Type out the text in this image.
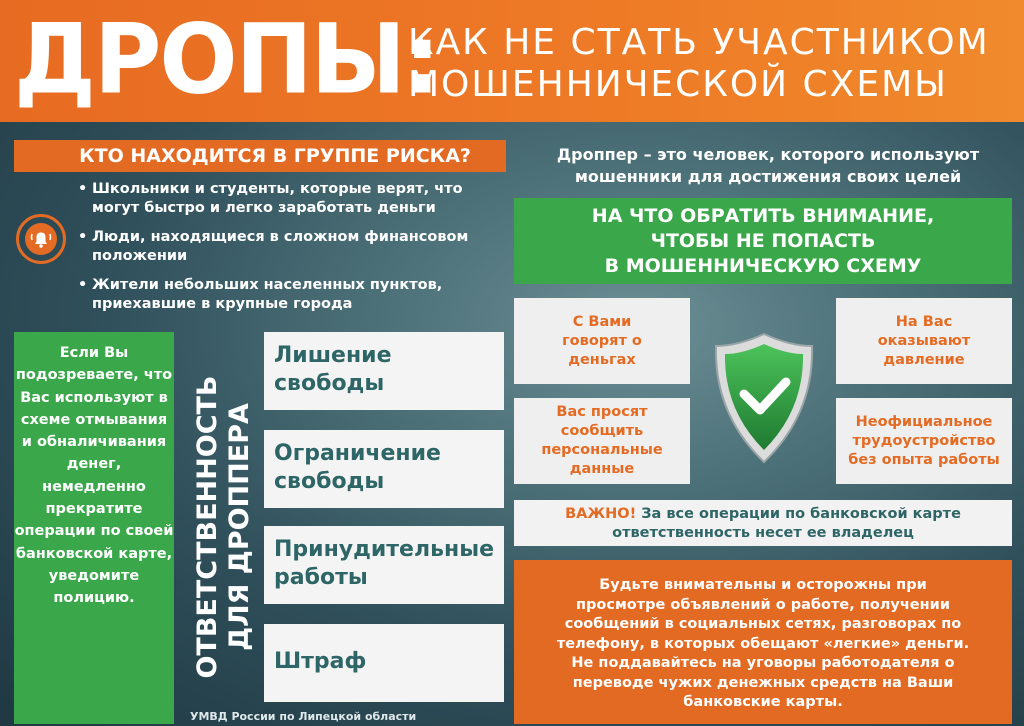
ДРОПЫ:
КАК НЕ СТАТЬ УЧАСТНИКОМ
МОШЕННИЧЕСКОЙ СХЕМЫ
КТО НАХОДИТСЯ В ГРУППЕ РИСКА?
• Школьники и студенты, которые верят, что могут быстро и легко заработать деньги
• Люди, находящиеся в сложном финансовом положении
• Жители небольших населенных пунктов, приехавшие в крупные города
Дроппер – это человек, которого используют мошенники для достижения своих целей
НА ЧТО ОБРАТИТЬ ВНИМАНИЕ,
ЧТОБЫ НЕ ПОПАСТЬ
В МОШЕННИЧЕСКУЮ СХЕМУ
Если Вы подозреваете, что Вас используют в схеме отмывания и обналичивания денег, немедленно прекратите операции по своей банковской карте, уведомите полицию.	ОТВЕТСТВЕННОСТЬ ДЛЯ ДРОППЕРА
Лишение свободы
Ограничение свободы
Принудительные работы
Штраф
С Вами говорят о деньгах
На Вас оказывают давление
Вас просят сообщить персональные данные
Неофициальное трудоустройство без опыта работы
ВАЖНО! За все операции по банковской карте ответственность несет ее владелец
Будьте внимательны и осторожны при просмотре объявлений о работе, получении сообщений в социальных сетях, разговорах по телефону, в которых обещают «легкие» деньги. Не поддавайтесь на уговоры работодателя о переводе чужих денежных средств на Ваши банковские карты.
УМВД России по Липецкой области
